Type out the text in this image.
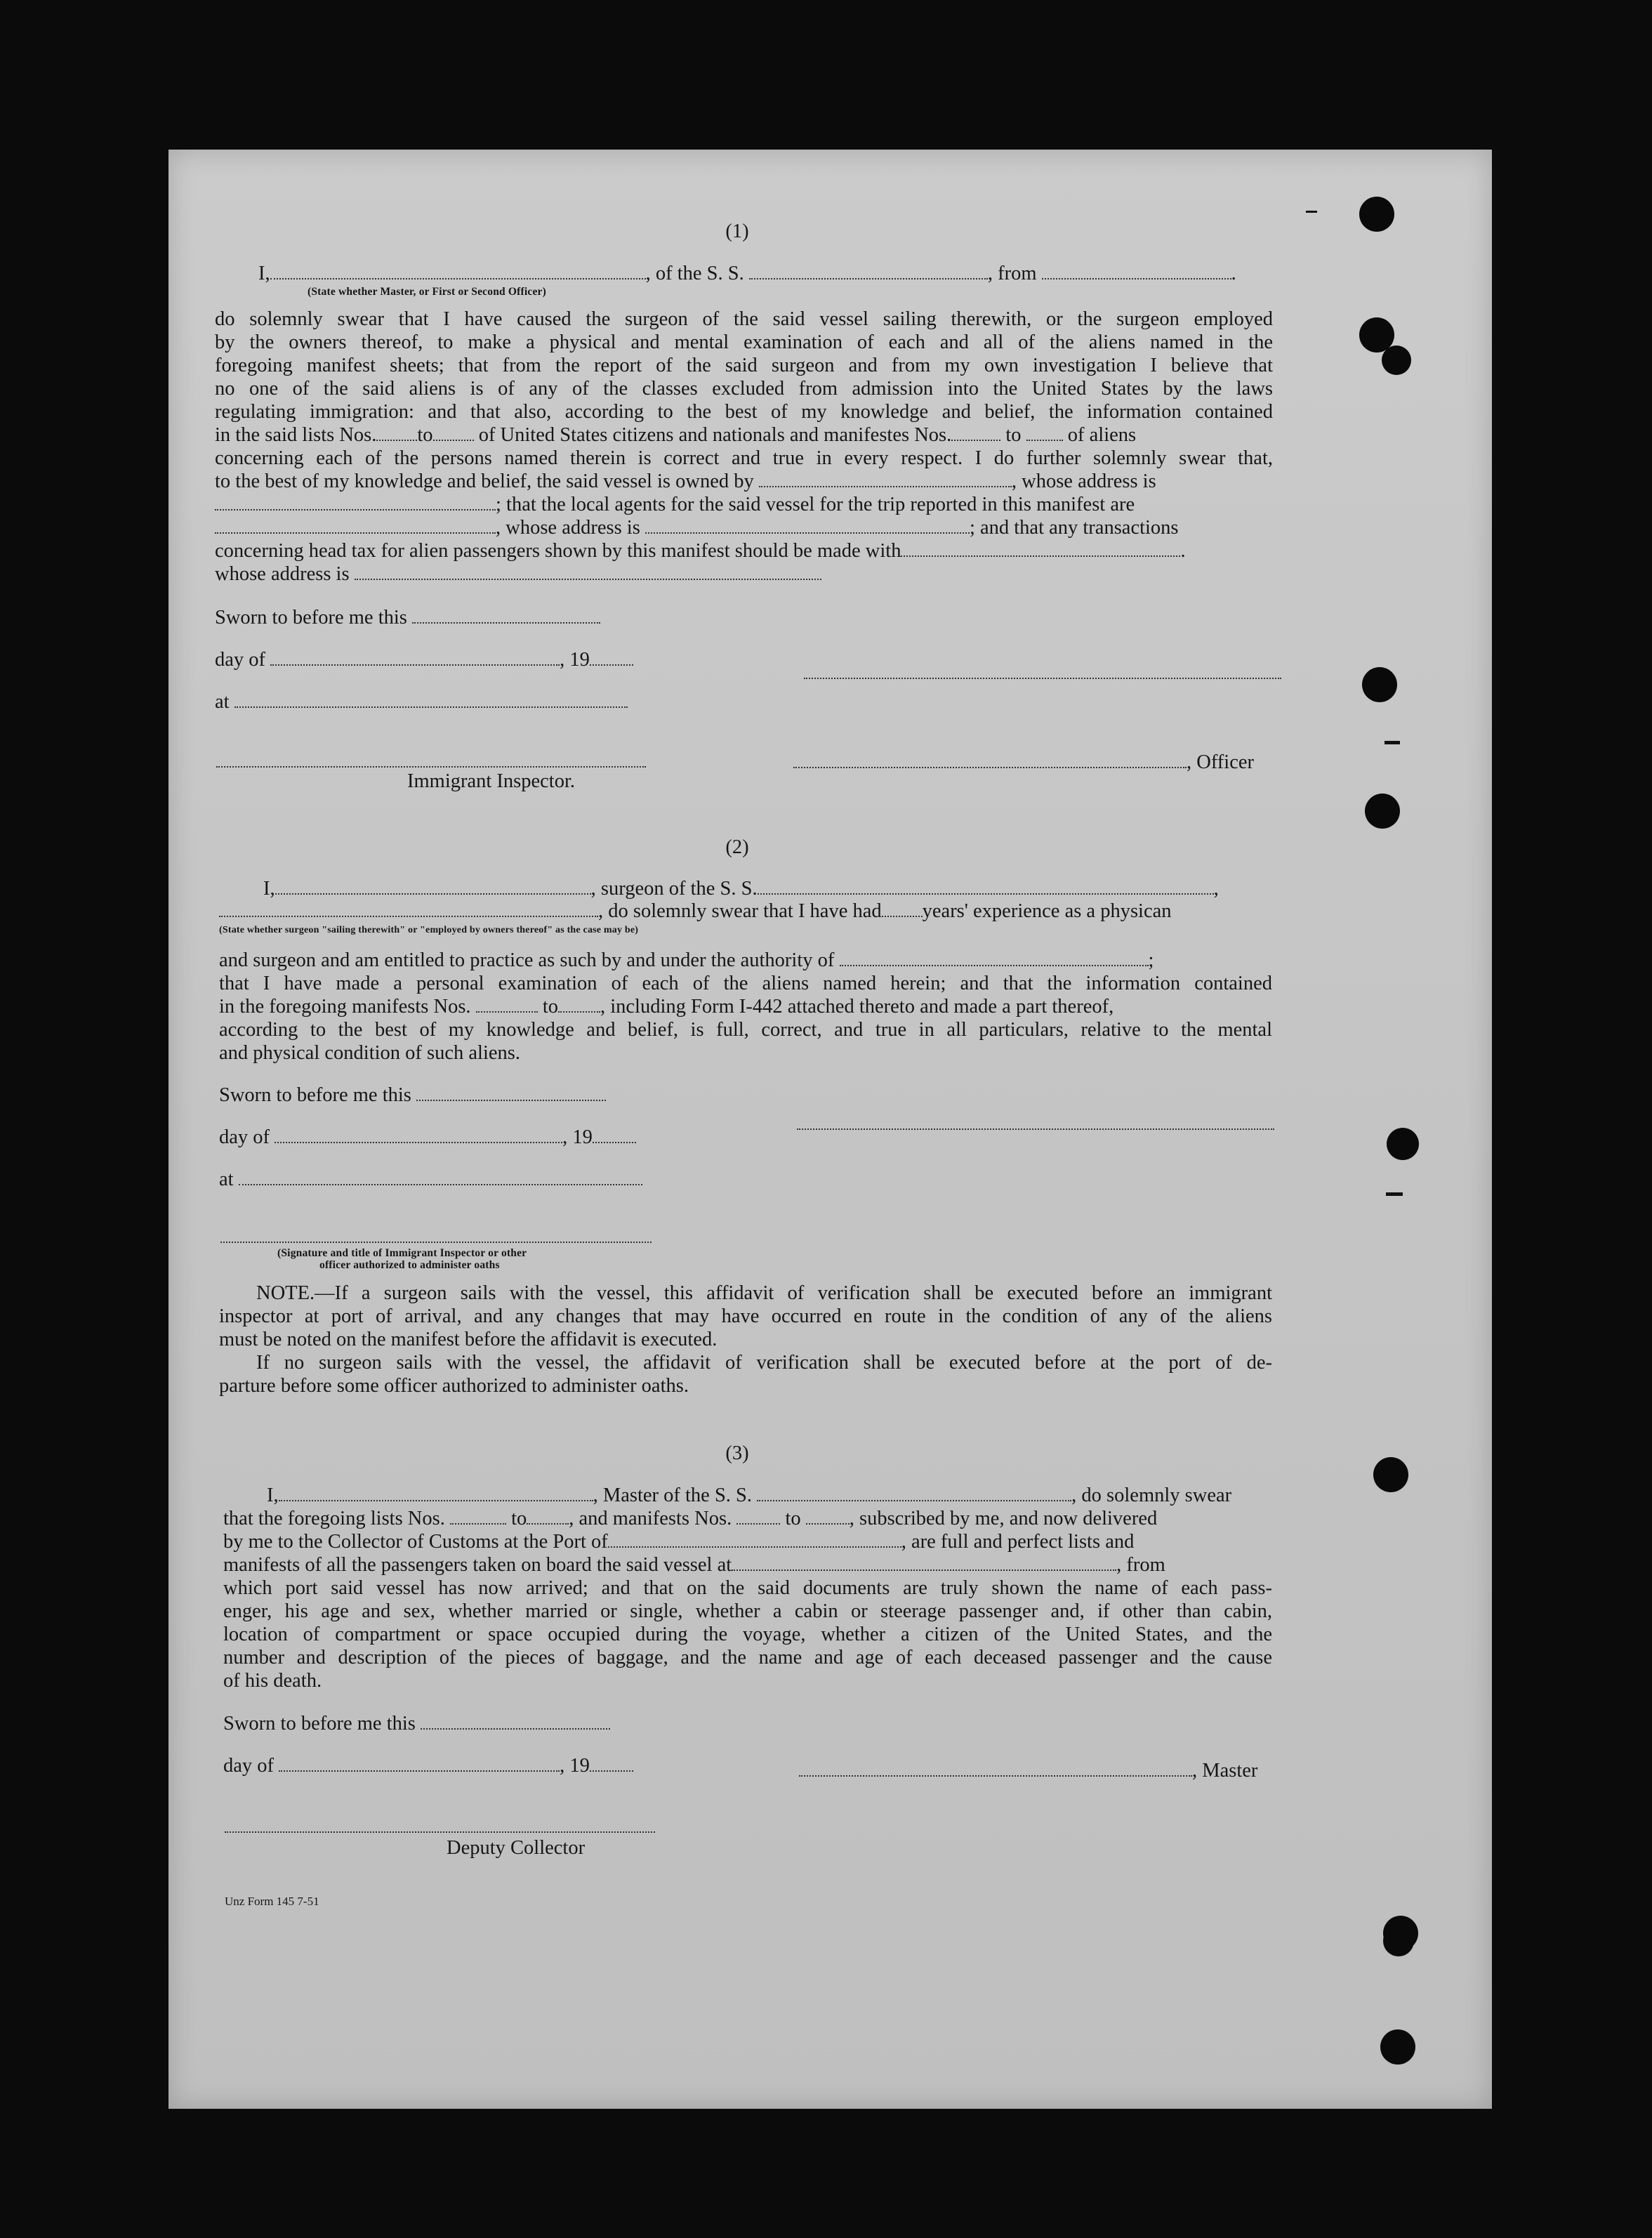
(1)
I,	, of the S. S.	, from	.
(State whether Master, or First or Second Officer)
do solemnly swear that I have caused the surgeon of the said vessel sailing therewith, or the surgeon employed
by the owners thereof, to make a physical and mental examination of each and all of the aliens named in the
foregoing manifest sheets; that from the report of the said surgeon and from my own investigation I believe that
no one of the said aliens is of any of the classes excluded from admission into the United States by the laws
regulating immigration: and that also, according to the best of my knowledge and belief, the information contained
in the said lists Nos. to of United States citizens and nationals and manifestes Nos.	to of aliens
concerning each of the persons named therein is correct and true in every respect. I do further solemnly swear that,
to the best of my knowledge and belief, the said vessel is owned by	, whose address is
; that the local agents for the said vessel for the trip reported in this manifest are
, whose address is	; and that any transactions
concerning head tax for alien passengers shown by this manifest should be made with	.
whose address is
Sworn to before me this
day of	, 19
at
, Officer
Immigrant Inspector.
(2)
I,	, surgeon of the S. S.	,
, do solemnly swear that I have had years' experience as a physican
(State whether surgeon "sailing therewith" or "employed by owners thereof" as the case may be)
and surgeon and am entitled to practice as such by and under the authority of	;
that I have made a personal examination of each of the aliens named herein; and that the information contained
in the foregoing manifests Nos.	to , including Form I-442 attached thereto and made a part thereof,
according to the best of my knowledge and belief, is full, correct, and true in all particulars, relative to the mental
and physical condition of such aliens.
Sworn to before me this
day of	, 19
at
(Signature and title of Immigrant Inspector or other
officer authorized to administer oaths
NOTE.—If a surgeon sails with the vessel, this affidavit of verification shall be executed before an immigrant
inspector at port of arrival, and any changes that may have occurred en route in the condition of any of the aliens
must be noted on the manifest before the affidavit is executed.
If no surgeon sails with the vessel, the affidavit of verification shall be executed before at the port of de-
parture before some officer authorized to administer oaths.
(3)
I,	, Master of the S. S.	, do solemnly swear
that the foregoing lists Nos.	to , and manifests Nos.	to , subscribed by me, and now delivered
by me to the Collector of Customs at the Port of	, are full and perfect lists and
manifests of all the passengers taken on board the said vessel at	, from
which port said vessel has now arrived; and that on the said documents are truly shown the name of each pass-
enger, his age and sex, whether married or single, whether a cabin or steerage passenger and, if other than cabin,
location of compartment or space occupied during the voyage, whether a citizen of the United States, and the
number and description of the pieces of baggage, and the name and age of each deceased passenger and the cause
of his death.
Sworn to before me this
day of	, 19	, Master
Deputy Collector
Unz Form 145 7-51
